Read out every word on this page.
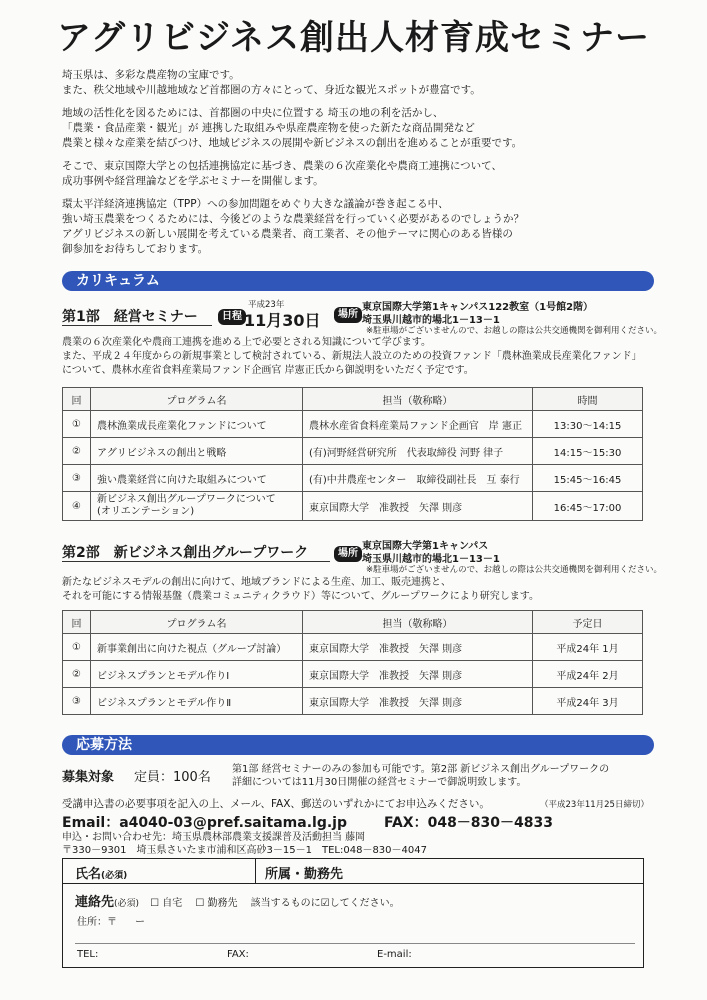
アグリビジネス創出人材育成セミナー

埼玉県は、多彩な農産物の宝庫です。

また、秩父地域や川越地域など首都圏の方々にとって、身近な観光スポットが豊富です。

地域の活性化を図るためには、首都圏の中央に位置する 埼玉の地の利を活かし、

「農業・食品産業・観光」が 連携した取組みや県産農産物を使った新たな商品開発など

農業と様々な産業を結びつけ、地域ビジネスの展開や新ビジネスの創出を進めることが重要です。

そこで、東京国際大学との包括連携協定に基づき、農業の６次産業化や農商工連携について、

成功事例や経営理論などを学ぶセミナーを開催します。

環太平洋経済連携協定（TPP）への参加問題をめぐり大きな議論が巻き起こる中、

強い埼玉農業をつくるためには、今後どのような農業経営を行っていく必要があるのでしょうか？

アグリビジネスの新しい展開を考えている農業者、商工業者、その他テーマに関心のある皆様の

御参加をお待ちしております。

カリキュラム
第1部　経営セミナー	日程
平成23年
11月30日	場所
東京国際大学第1キャンパス122教室（1号館2階）
埼玉県川越市的場北1－13－1
※駐車場がございませんので、お越しの際は公共交通機関を御利用ください。
農業の６次産業化や農商工連携を進める上で必要とされる知識について学びます。
また、平成２４年度からの新規事業として検討されている、新規法人設立のための投資ファンド「農林漁業成長産業化ファンド」
について、農林水産省食料産業局ファンド企画官 岸憲正氏から御説明をいただく予定です。
回	プログラム名	担当（敬称略）	時間
①	農林漁業成長産業化ファンドについて	農林水産省食料産業局ファンド企画官　岸 憲正	13:30～14:15
②	アグリビジネスの創出と戦略	(有)河野経営研究所　代表取締役 河野 律子	14:15～15:30
③	強い農業経営に向けた取組みについて	(有)中井農産センター　取締役副社長　互 泰行	15:45～16:45
④	新ビジネス創出グループワークについて
(オリエンテーション)	東京国際大学　准教授　矢澤 則彦	16:45～17:00
第2部　新ビジネス創出グループワーク	場所
東京国際大学第1キャンパス
埼玉県川越市的場北1－13－1
※駐車場がございませんので、お越しの際は公共交通機関を御利用ください。
新たなビジネスモデルの創出に向けて、地域ブランドによる生産、加工、販売連携と、
それを可能にする情報基盤（農業コミュニティクラウド）等について、グループワークにより研究します。
回	プログラム名	担当（敬称略）	予定日
①	新事業創出に向けた視点（グループ討論）	東京国際大学　准教授　矢澤 則彦	平成24年 1月
②	ビジネスプランとモデル作りⅠ	東京国際大学　准教授　矢澤 則彦	平成24年 2月
③	ビジネスプランとモデル作りⅡ	東京国際大学　准教授　矢澤 則彦	平成24年 3月
応募方法
募集対象 定員：100名
第1部 経営セミナーのみの参加も可能です。第2部 新ビジネス創出グループワークの
詳細については11月30日開催の経営セミナーで御説明致します。
受講申込書の必要事項を記入の上、メール、FAX、郵送のいずれかにてお申込みください。	（平成23年11月25日締切）
Email：a4040-03@pref.saitama.lg.jp	FAX：048－830－4833
申込・お問い合わせ先：埼玉県農林部農業支援課普及活動担当 藤岡
〒330－9301　埼玉県さいたま市浦和区高砂3－15－1　TEL:048－830－4047
氏名(必須)	所属・勤務先
連絡先(必須) ☐ 自宅 ☐ 勤務先 該当するものに☑してください。
住所：〒 ー
TEL:	FAX:	E-mail:
